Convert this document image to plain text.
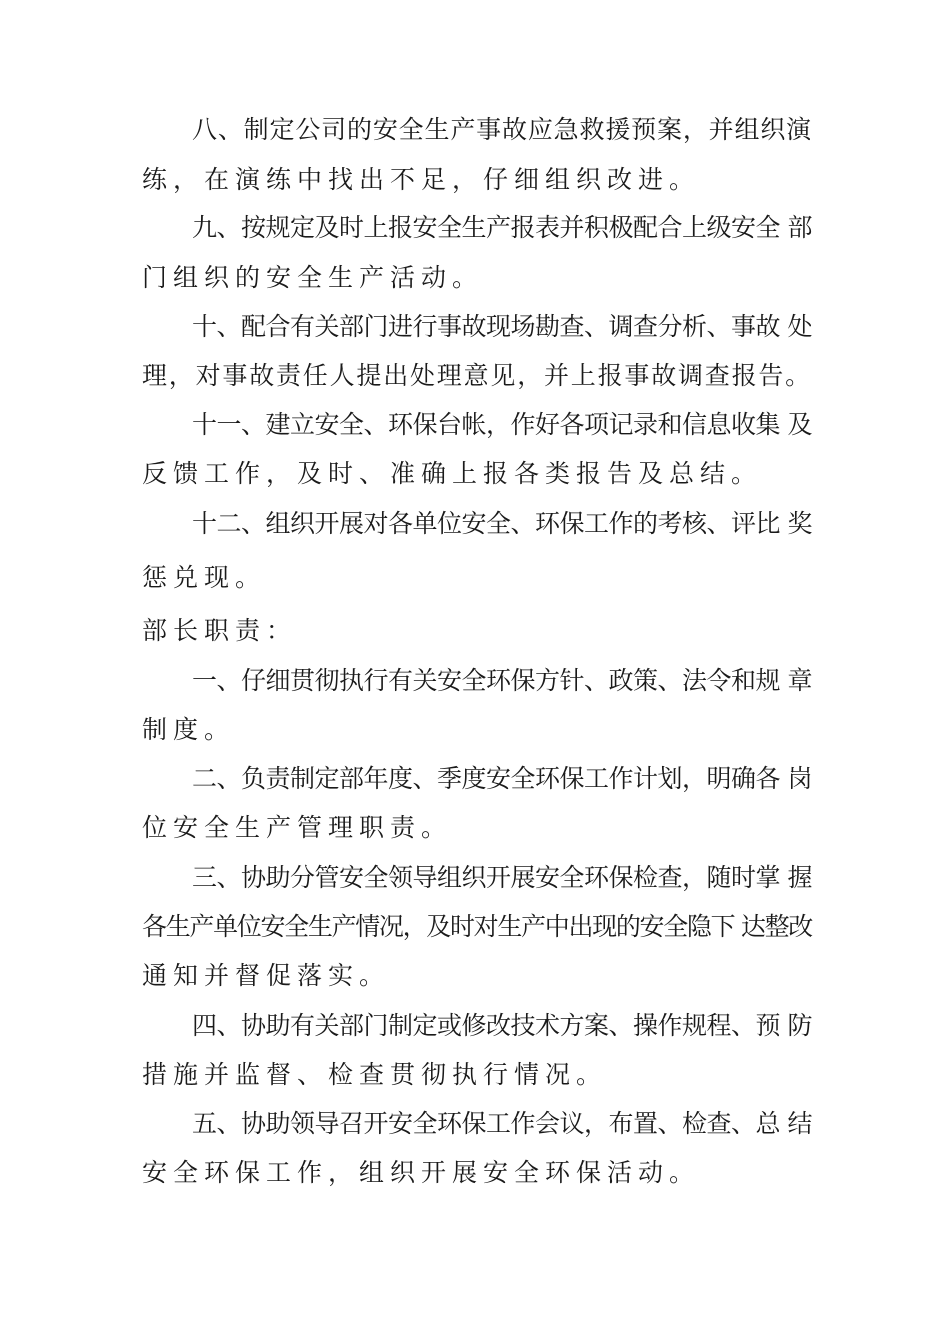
八、制定公司的安全生产事故应急救援预案，并组织演
练，在演练中找出不足，仔细组织改进。
九、按规定及时上报安全生产报表并积极配合上级安全 部
门组织的安全生产活动。
十、配合有关部门进行事故现场勘查、调查分析、事故 处
理，对事故责任人提出处理意见，并上报事故调查报告。
十一、建立安全、环保台帐，作好各项记录和信息收集 及
反馈工作，及时、准确上报各类报告及总结。
十二、组织开展对各单位安全、环保工作的考核、评比 奖
惩兑现。
部长职责：
一、仔细贯彻执行有关安全环保方针、政策、法令和规 章
制度。
二、负责制定部年度、季度安全环保工作计划，明确各 岗
位安全生产管理职责。
三、协助分管安全领导组织开展安全环保检查，随时掌 握
各生产单位安全生产情况，及时对生产中出现的安全隐下 达整改
通知并督促落实。
四、协助有关部门制定或修改技术方案、操作规程、预 防
措施并监督、检查贯彻执行情况。
五、协助领导召开安全环保工作会议，布置、检查、总 结
安全环保工作，组织开展安全环保活动。
